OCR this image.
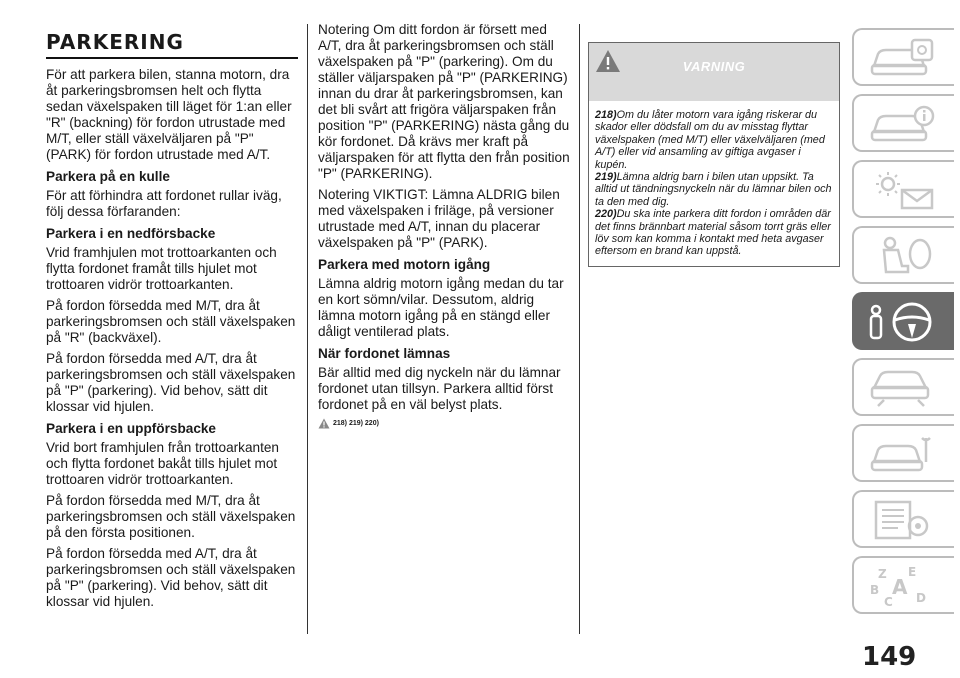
PARKERING

För att parkera bilen, stanna motorn, dra åt parkeringsbromsen helt och flytta sedan växelspaken till läget för 1:an eller "R" (backning) för fordon utrustade med M/T, eller ställ växelväljaren på "P" (PARK) för fordon utrustade med A/T.

Parkera på en kulle

För att förhindra att fordonet rullar iväg, följ dessa förfaranden:

Parkera i en nedförsbacke

Vrid framhjulen mot trottoarkanten och flytta fordonet framåt tills hjulet mot trottoaren vidrör trottoarkanten.

På fordon försedda med M/T, dra åt parkeringsbromsen och ställ växelspaken på "R" (backväxel).

På fordon försedda med A/T, dra åt parkeringsbromsen och ställ växelspaken på "P" (parkering). Vid behov, sätt dit klossar vid hjulen.

Parkera i en uppförsbacke

Vrid bort framhjulen från trottoarkanten och flytta fordonet bakåt tills hjulet mot trottoaren vidrör trottoarkanten.

På fordon försedda med M/T, dra åt parkeringsbromsen och ställ växelspaken på den första positionen.

På fordon försedda med A/T, dra åt parkeringsbromsen och ställ växelspaken på "P" (parkering). Vid behov, sätt dit klossar vid hjulen.

Notering Om ditt fordon är försett med A/T, dra åt parkeringsbromsen och ställ växelspaken på "P" (parkering). Om du ställer väljarspaken på "P" (PARKERING) innan du drar åt parkeringsbromsen, kan det bli svårt att frigöra väljarspaken från position "P" (PARKERING) nästa gång du kör fordonet. Då krävs mer kraft på väljarspaken för att flytta den från position "P" (PARKERING).

Notering VIKTIGT: Lämna ALDRIG bilen med växelspaken i friläge, på versioner utrustade med A/T, innan du placerar växelspaken på "P" (PARK).

Parkera med motorn igång

Lämna aldrig motorn igång medan du tar en kort sömn/vilar. Dessutom, aldrig lämna motorn igång på en stängd eller dåligt ventilerad plats.

När fordonet lämnas

Bär alltid med dig nyckeln när du lämnar fordonet utan tillsyn. Parkera alltid först fordonet på en väl belyst plats.

218) 219) 220)
VARNING

218)Om du låter motorn vara igång riskerar du skador eller dödsfall om du av misstag flyttar växelspaken (med M/T) eller växelväljaren (med A/T) eller vid ansamling av giftiga avgaser i kupén.

219)Lämna aldrig barn i bilen utan uppsikt. Ta alltid ut tändningsnyckeln när du lämnar bilen och ta den med dig.

220)Du ska inte parkera ditt fordon i områden där det finns brännbart material såsom torrt gräs eller löv som kan komma i kontakt med heta avgaser eftersom en brand kan uppstå.

Z E
B A
C D
149
